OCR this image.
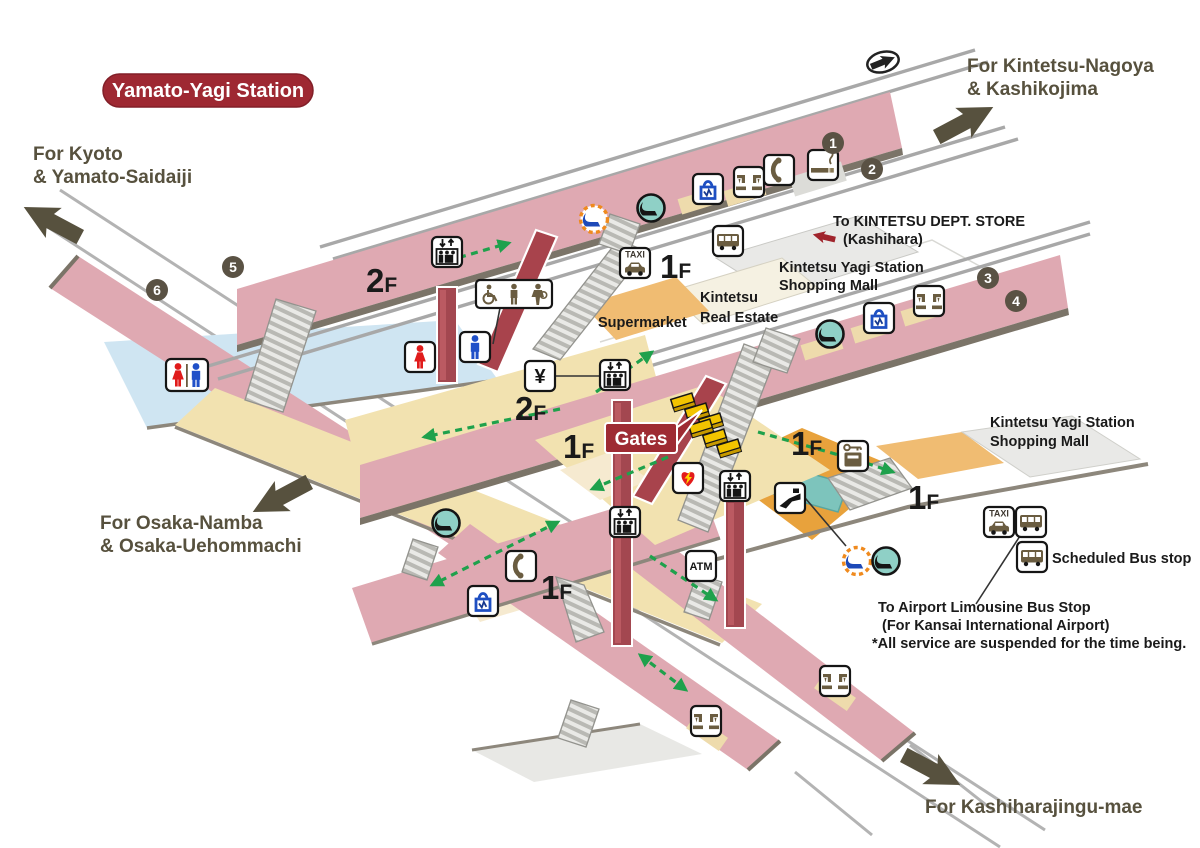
Gates
TAXI
¥
TAXI
ATM
1
2
3
4
5
6	2F
2F
1F
1F	1F
1F
1F
To KINTETSU DEPT. STORE
(Kashihara)
Kintetsu Yagi Station
Shopping Mall
Kintetsu
Real Estate
Supermarket
Kintetsu Yagi Station
Shopping Mall
Scheduled Bus stop
To Airport Limousine Bus Stop
(For Kansai International Airport)
*All service are suspended for the time being.
For Kyoto
& Yamato-Saidaiji
For Kintetsu-Nagoya
& Kashikojima
For Osaka-Namba
& Osaka-Uehommachi
For Kashiharajingu-mae
Yamato-Yagi Station
